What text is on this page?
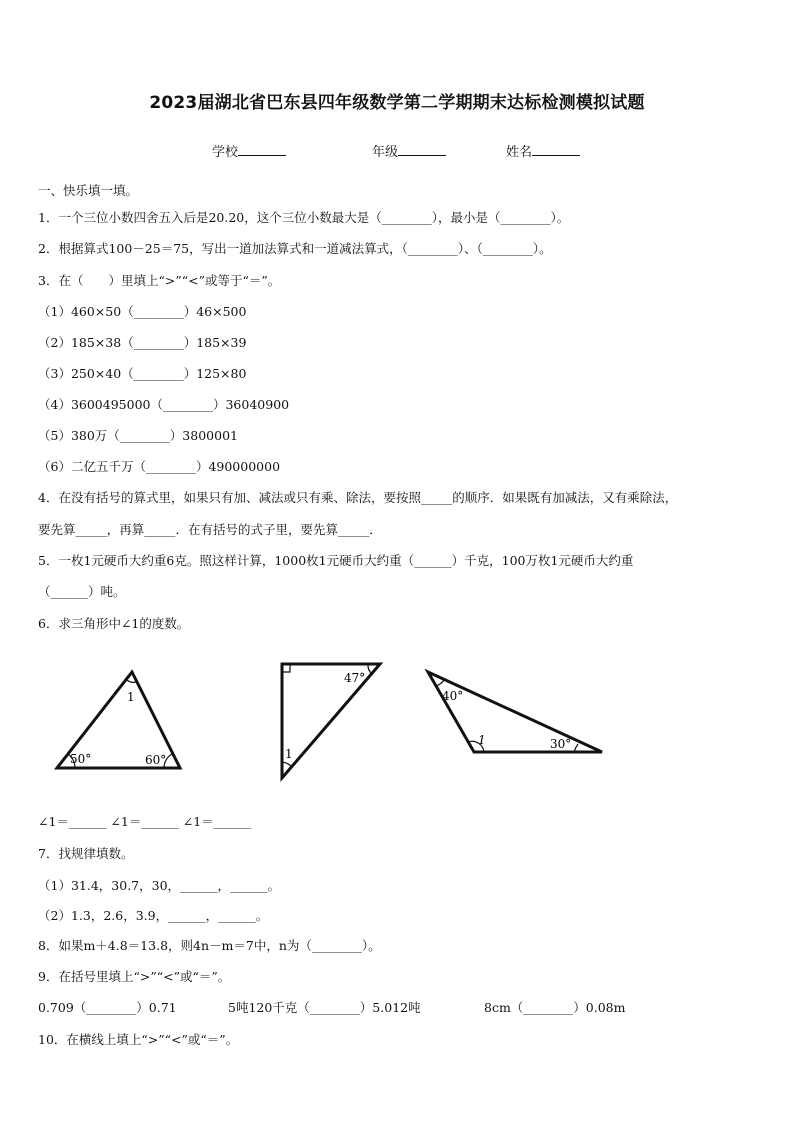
2023届湖北省巴东县四年级数学第二学期期末达标检测模拟试题
学校	年级	姓名
一、快乐填一填。
1．一个三位小数四舍五入后是20.20，这个三位小数最大是（________），最小是（________）。
2．根据算式100－25＝75，写出一道加法算式和一道减法算式，（________）、（________）。
3．在（　　）里填上“>”“<”或等于“＝”。
（1）460×50（________）46×500
（2）185×38（________）185×39
（3）250×40（________）125×80
（4）3600495000（________）36040900
（5）380万（________）3800001
（6）二亿五千万（________）490000000
4．在没有括号的算式里，如果只有加、减法或只有乘、除法，要按照_____的顺序．如果既有加减法，又有乘除法，
要先算_____，再算_____．在有括号的式子里，要先算_____．
5．一枚1元硬币大约重6克。照这样计算，1000枚1元硬币大约重（______）千克，100万枚1元硬币大约重
（______）吨。
6．求三角形中∠1的度数。
1
50°	60°
47°
1
40°
1	30°
∠1＝______ ∠1＝______ ∠1＝______
7．找规律填数。
（1）31.4，30.7，30，______，______。
（2）1.3，2.6，3.9，______，______。
8．如果m＋4.8＝13.8，则4n－m＝7中，n为（________）。
9．在括号里填上“>”“<”或“＝”。
0.709（________）0.71	5吨120千克（________）5.012吨	8cm（________）0.08m
10．在横线上填上“>”“<”或“＝”。
